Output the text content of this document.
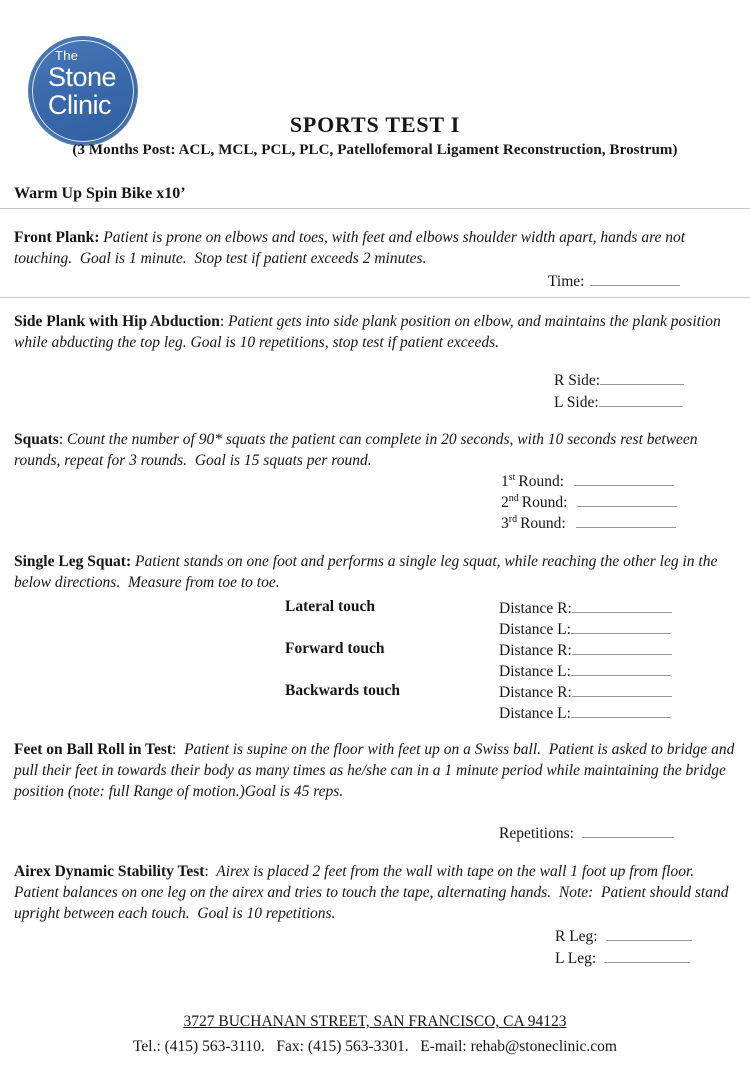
The
Stone
Clinic
SPORTS TEST I
(3 Months Post: ACL, MCL, PCL, PLC, Patellofemoral Ligament Reconstruction, Brostrum)
Warm Up Spin Bike x10’
Front Plank: Patient is prone on elbows and toes, with feet and elbows shoulder width apart, hands are not touching.  Goal is 1 minute.  Stop test if patient exceeds 2 minutes.
Time:
Side Plank with Hip Abduction: Patient gets into side plank position on elbow, and maintains the plank position while abducting the top leg. Goal is 10 repetitions, stop test if patient exceeds.
R Side:
L Side:
Squats: Count the number of 90* squats the patient can complete in 20 seconds, with 10 seconds rest between rounds, repeat for 3 rounds.  Goal is 15 squats per round.
1st Round:
2nd Round:
3rd Round:
Single Leg Squat: Patient stands on one foot and performs a single leg squat, while reaching the other leg in the below directions.  Measure from toe to toe.
Lateral touch	Distance R:
Distance L:
Forward touch	Distance R:
Distance L:
Backwards touch	Distance R:
Distance L:
Feet on Ball Roll in Test:  Patient is supine on the floor with feet up on a Swiss ball.  Patient is asked to bridge and pull their feet in towards their body as many times as he/she can in a 1 minute period while maintaining the bridge position (note: full Range of motion.)Goal is 45 reps.
Repetitions:
Airex Dynamic Stability Test:  Airex is placed 2 feet from the wall with tape on the wall 1 foot up from floor.  Patient balances on one leg on the airex and tries to touch the tape, alternating hands.  Note:  Patient should stand upright between each touch.  Goal is 10 repetitions.
R Leg:
L Leg:
3727 BUCHANAN STREET, SAN FRANCISCO, CA 94123
Tel.: (415) 563-3110.   Fax: (415) 563-3301.   E-mail: rehab@stoneclinic.com
